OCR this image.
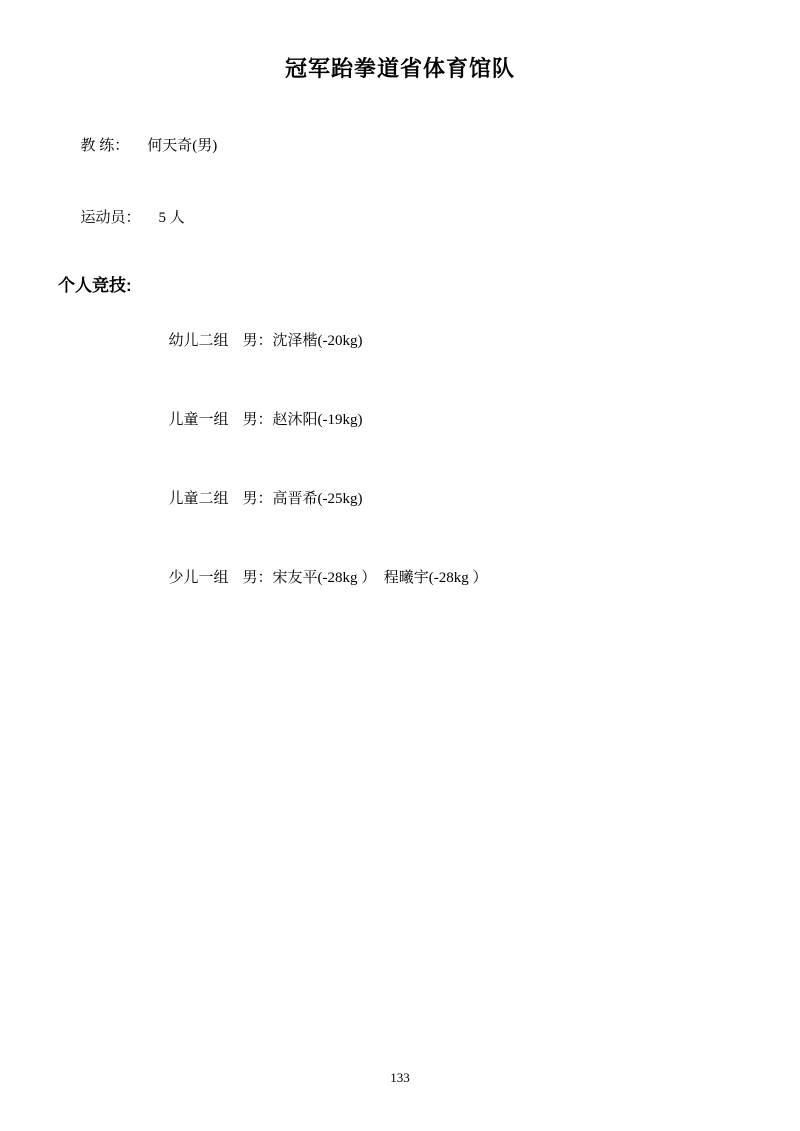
冠军跆拳道省体育馆队

教 练： 何天奇(男)

运动员： 5 人

个人竞技:

幼儿二组 男：沈泽楷(-20kg)

儿童一组 男：赵沐阳(-19kg)

儿童二组 男：高晋希(-25kg)

少儿一组 男：宋友平(-28kg ）　程曦宇(-28kg ）

133
